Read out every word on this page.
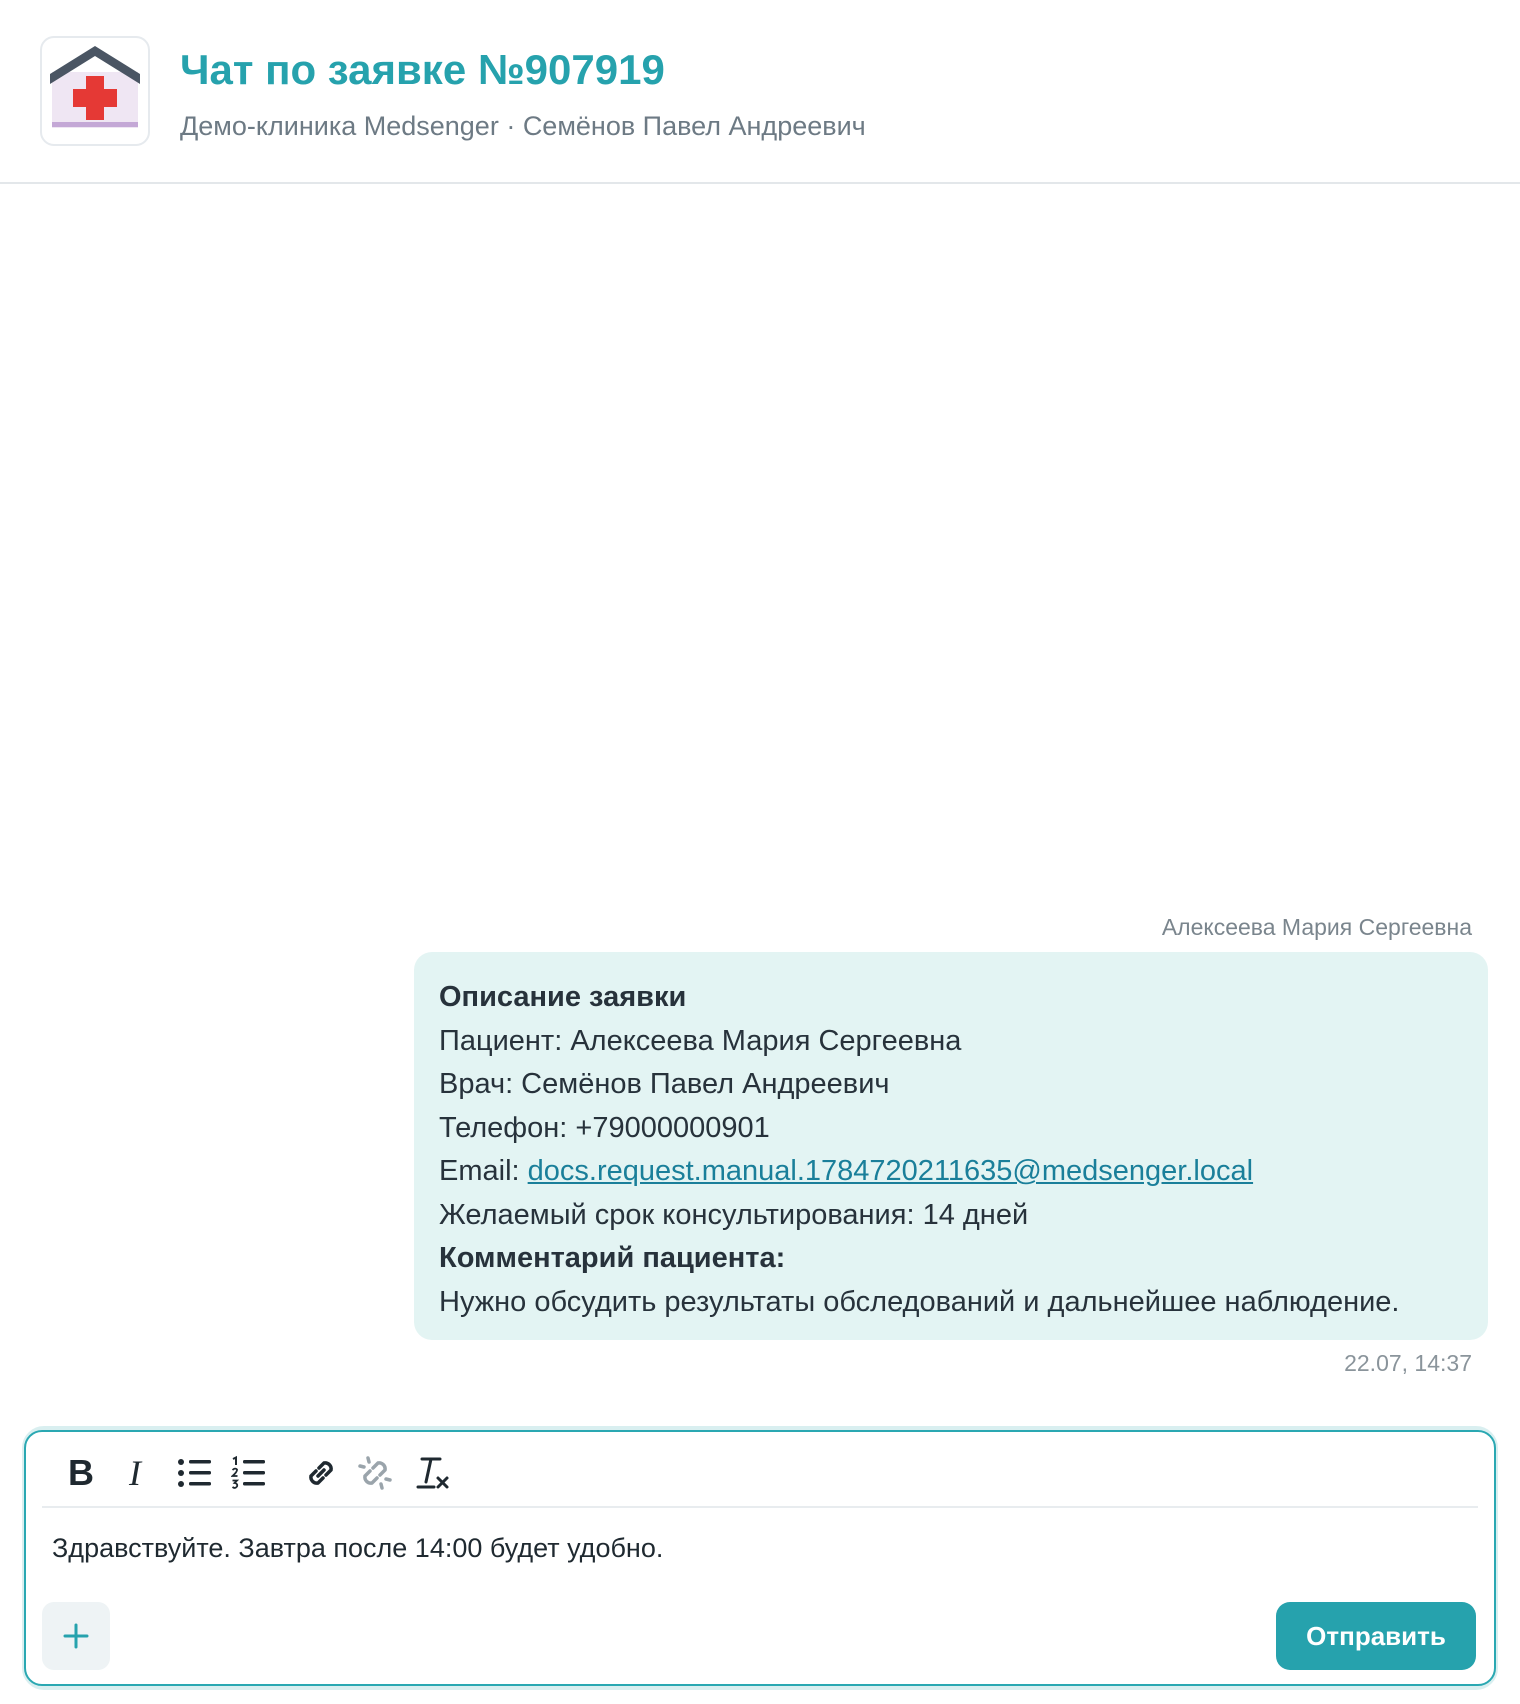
Чат по заявке №907919
Демо-клиника Medsenger · Семёнов Павел Андреевич
Алексеева Мария Сергеевна
Описание заявки
Пациент: Алексеева Мария Сергеевна
Врач: Семёнов Павел Андреевич
Телефон: +79000000901
Email: docs.request.manual.1784720211635@medsenger.local
Желаемый срок консультирования: 14 дней
Комментарий пациента:
Нужно обсудить результаты обследований и дальнейшее наблюдение.
22.07, 14:37
B I
Здравствуйте. Завтра после 14:00 будет удобно.
Отправить
